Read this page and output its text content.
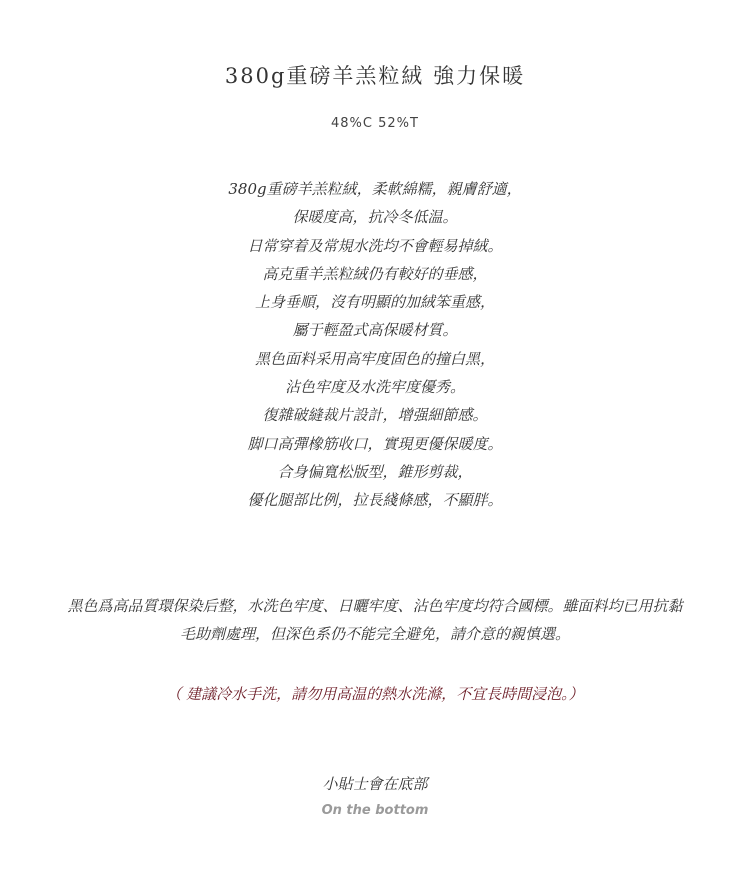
380g重磅羊羔粒絨 強力保暖
48%C 52%T
380g重磅羊羔粒絨，柔軟綿糯，親膚舒適，
保暖度高，抗冷冬低温。
日常穿着及常規水洗均不會輕易掉絨。
高克重羊羔粒絨仍有較好的垂感，
上身垂順，沒有明顯的加絨笨重感，
屬于輕盈式高保暖材質。
黑色面料采用高牢度固色的撞白黑，
沾色牢度及水洗牢度優秀。
復雜破縫裁片設計，增强細節感。
脚口高彈橡筋收口，實現更優保暖度。
合身偏寬松版型，錐形剪裁，
優化腿部比例，拉長綫條感，不顯胖。
黑色爲高品質環保染后整，水洗色牢度、日曬牢度、沾色牢度均符合國標。雖面料均已用抗黏
毛助劑處理，但深色系仍不能完全避免，請介意的親慎選。
（ 建議冷水手洗，請勿用高温的熱水洗滌，不宜長時間浸泡。）
小貼士會在底部
On the bottom
